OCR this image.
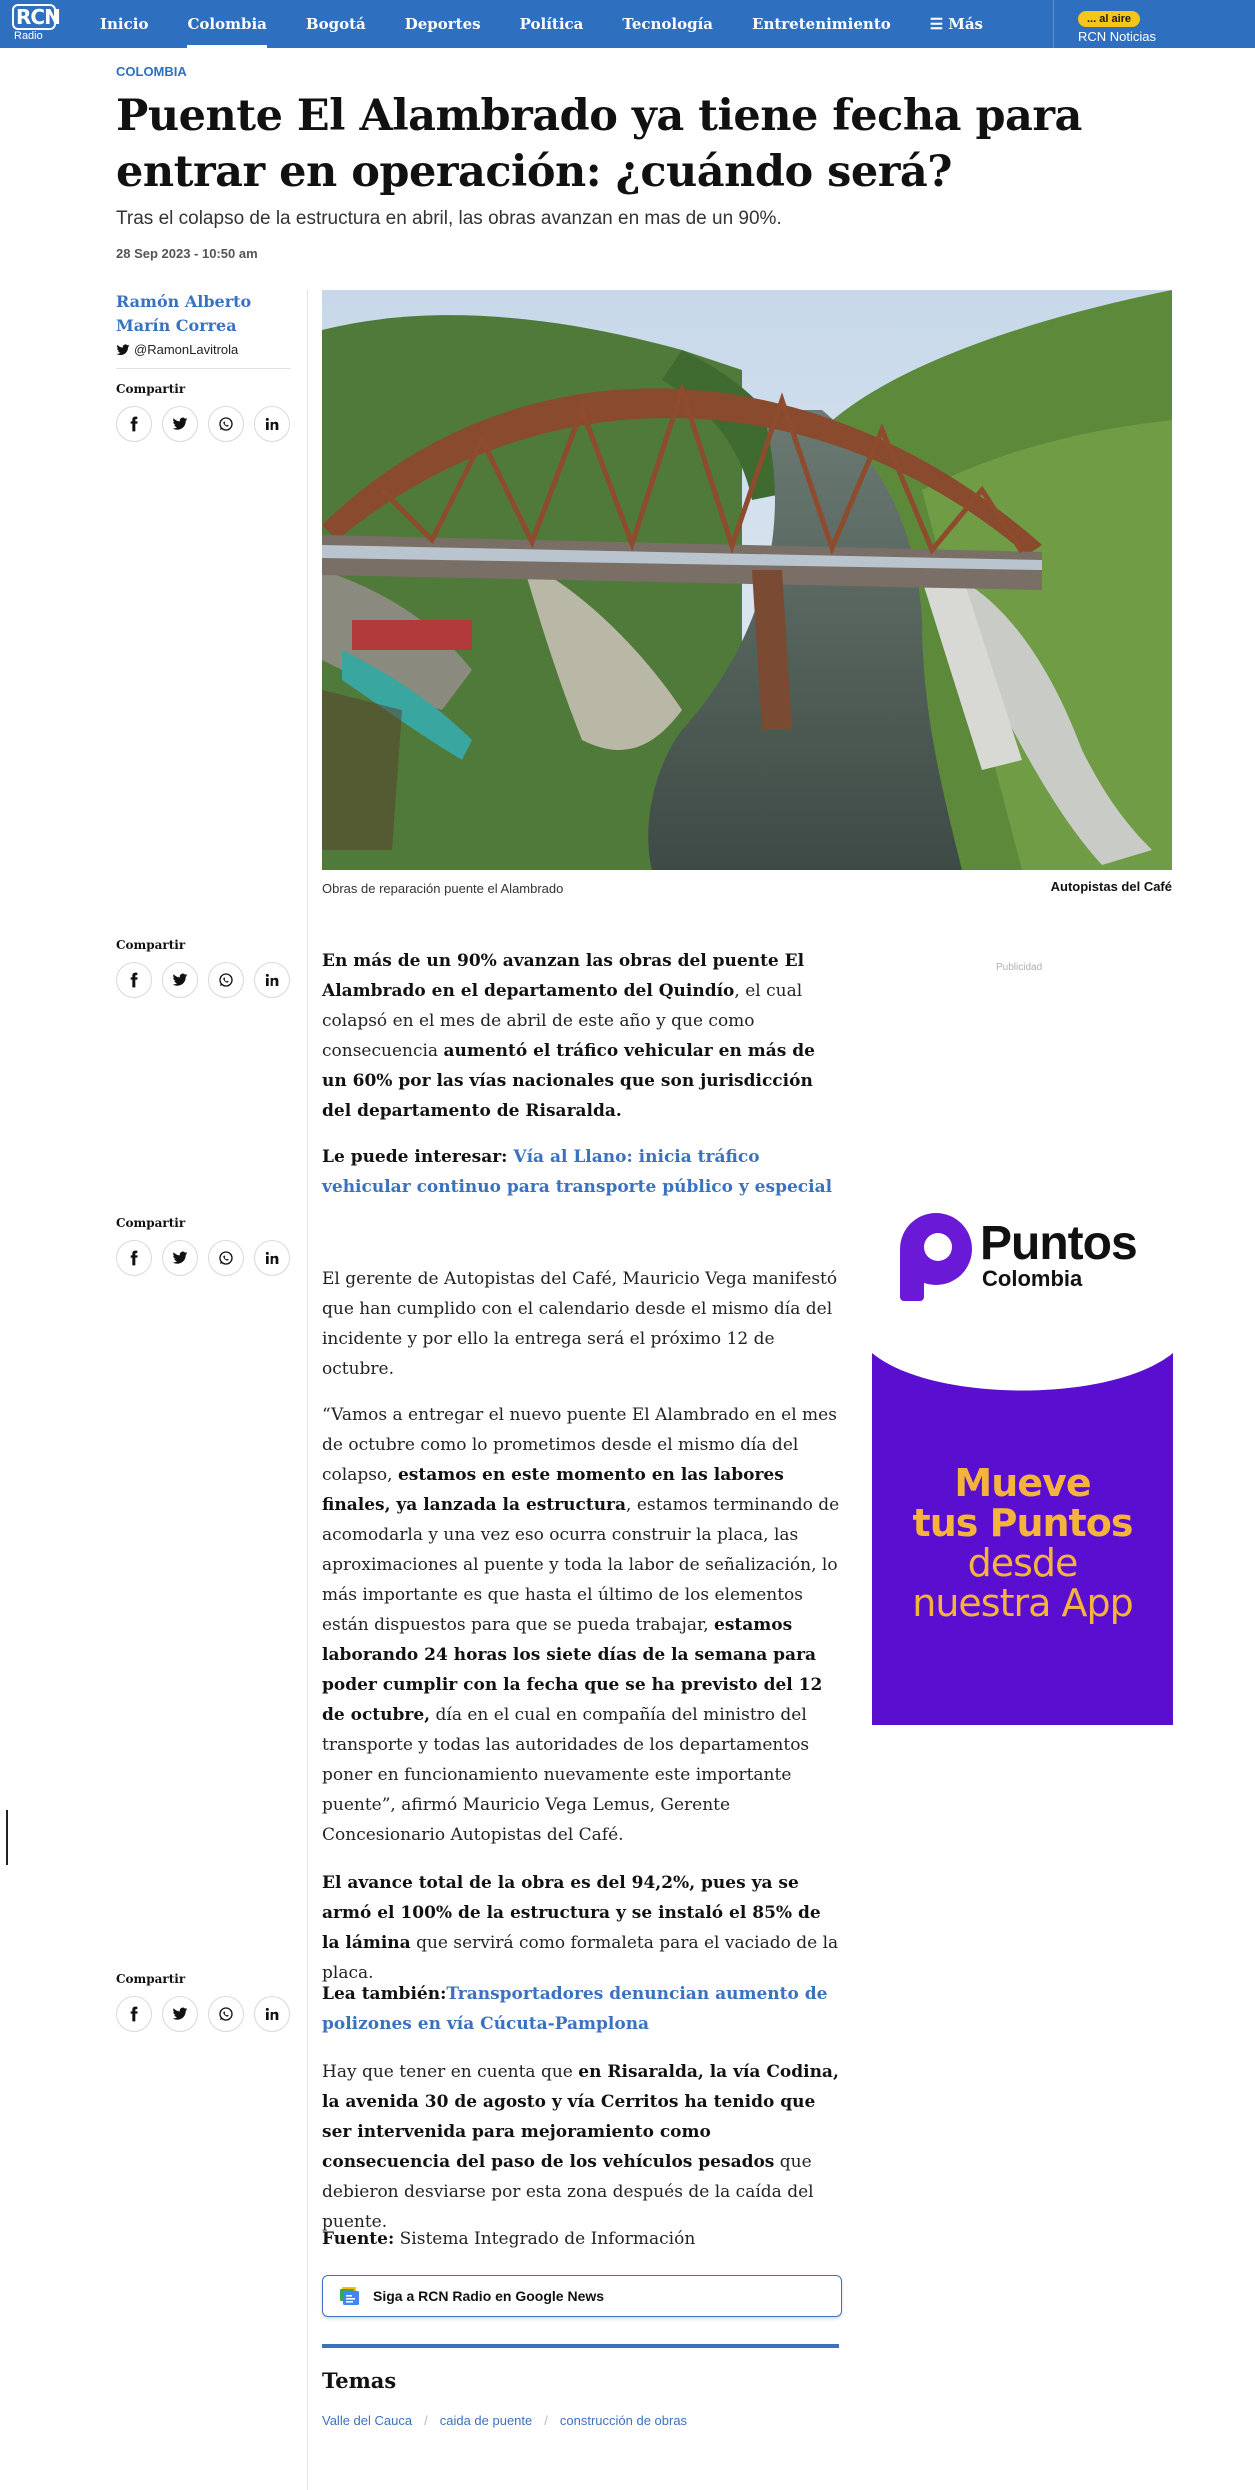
RCN
Radio
Inicio	Colombia	Bogotá	Deportes	Política	Tecnología	Entretenimiento	☰ Más	... al aire
RCN Noticias
COLOMBIA
Puente El Alambrado ya tiene fecha para entrar en operación: ¿cuándo será?

Tras el colapso de la estructura en abril, las obras avanzan en mas de un 90%.

28 Sep 2023 - 10:50 am
Ramón Alberto Marín Correa
@RamonLavitrola
Compartir
Compartir
Compartir
Compartir
Obras de reparación puente el Alambrado	Autopistas del Café
En más de un 90% avanzan las obras del puente El Alambrado en el departamento del Quindío, el cual colapsó en el mes de abril de este año y que como consecuencia aumentó el tráfico vehicular en más de un 60% por las vías nacionales que son jurisdicción del departamento de Risaralda.
Le puede interesar: Vía al Llano: inicia tráfico vehicular continuo para transporte público y especial
El gerente de Autopistas del Café, Mauricio Vega manifestó que han cumplido con el calendario desde el mismo día del incidente y por ello la entrega será el próximo 12 de octubre.
“Vamos a entregar el nuevo puente El Alambrado en el mes de octubre como lo prometimos desde el mismo día del colapso, estamos en este momento en las labores finales, ya lanzada la estructura, estamos terminando de acomodarla y una vez eso ocurra construir la placa, las aproximaciones al puente y toda la labor de señalización, lo más importante es que hasta el último de los elementos están dispuestos para que se pueda trabajar, estamos laborando 24 horas los siete días de la semana para poder cumplir con la fecha que se ha previsto del 12 de octubre, día en el cual en compañía del ministro del transporte y todas las autoridades de los departamentos poner en funcionamiento nuevamente este importante puente”, afirmó Mauricio Vega Lemus, Gerente Concesionario Autopistas del Café.
El avance total de la obra es del 94,2%, pues ya se armó el 100% de la estructura y se instaló el 85% de la lámina que servirá como formaleta para el vaciado de la placa.
Lea también:Transportadores denuncian aumento de polizones en vía Cúcuta-Pamplona
Hay que tener en cuenta que en Risaralda, la vía Codina, la avenida 30 de agosto y vía Cerritos ha tenido que ser intervenida para mejoramiento como consecuencia del paso de los vehículos pesados que debieron desviarse por esta zona después de la caída del puente.
Fuente: Sistema Integrado de Información
Publicidad
Puntos
Colombia
Mueve
tus Puntos
desde
nuestra App
Siga a RCN Radio en Google News
Temas
Valle del Cauca / caida de puente / construcción de obras
